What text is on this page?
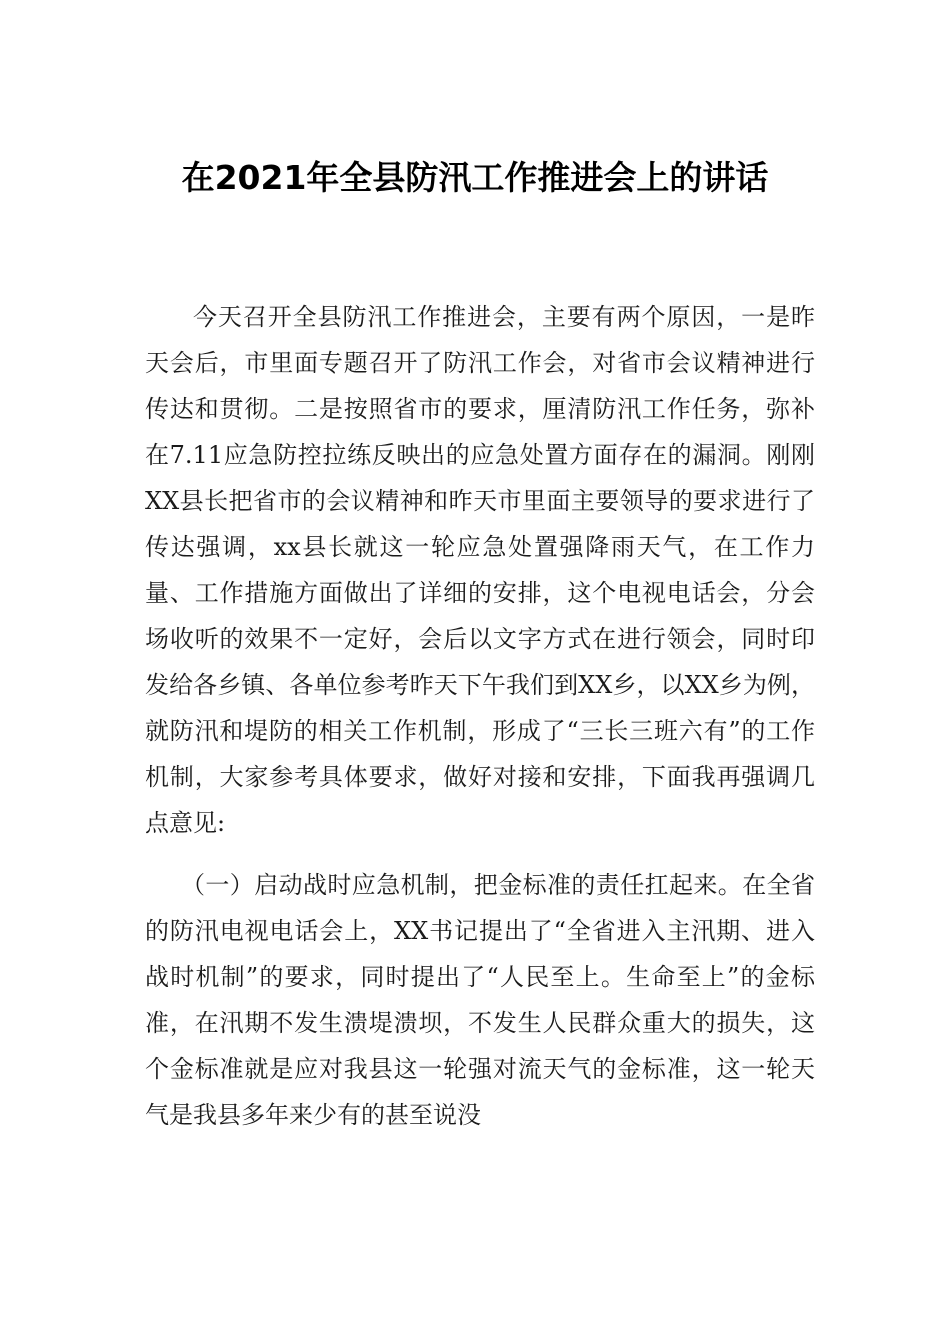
在2021年全县防汛工作推进会上的讲话

今天召开全县防汛工作推进会，主要有两个原因，一是昨天会后，市里面专题召开了防汛工作会，对省市会议精神进行传达和贯彻。二是按照省市的要求，厘清防汛工作任务，弥补在7.11应急防控拉练反映出的应急处置方面存在的漏洞。刚刚XX县长把省市的会议精神和昨天市里面主要领导的要求进行了传达强调，xx县长就这一轮应急处置强降雨天气，在工作力量、工作措施方面做出了详细的安排，这个电视电话会，分会场收听的效果不一定好，会后以文字方式在进行领会，同时印发给各乡镇、各单位参考昨天下午我们到XX乡，以XX乡为例，就防汛和堤防的相关工作机制，形成了“三长三班六有”的工作机制，大家参考具体要求，做好对接和安排，下面我再强调几点意见:

（一）启动战时应急机制，把金标准的责任扛起来。在全省的防汛电视电话会上，XX书记提出了“全省进入主汛期、进入战时机制”的要求，同时提出了“人民至上。生命至上”的金标准，在汛期不发生溃堤溃坝，不发生人民群众重大的损失，这个金标准就是应对我县这一轮强对流天气的金标准，这一轮天气是我县多年来少有的甚至说没
